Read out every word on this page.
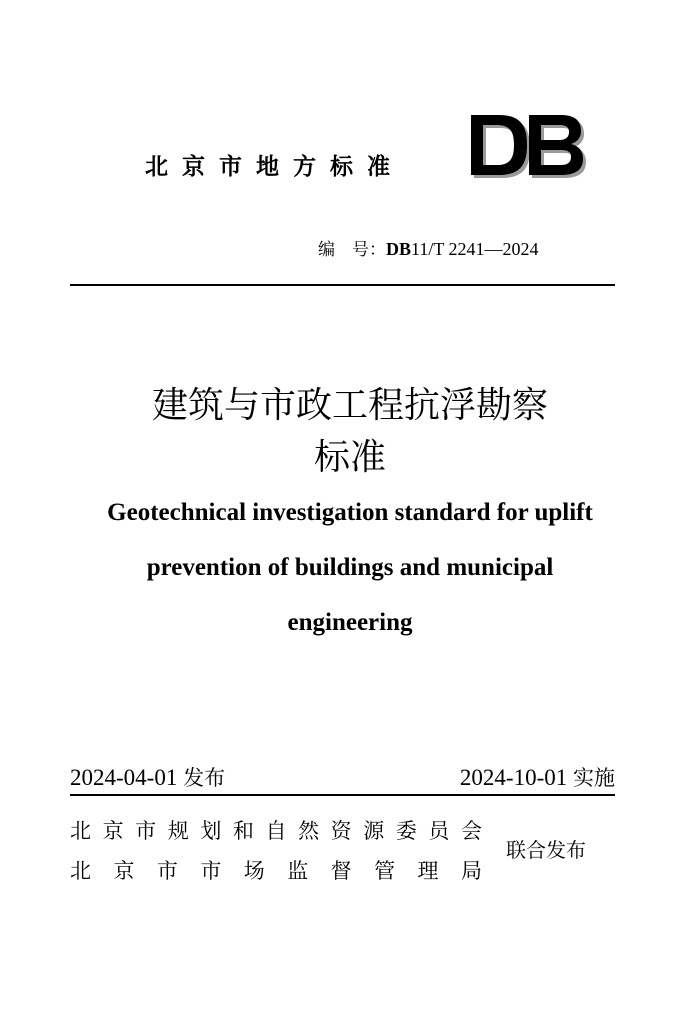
北京市地方标准
编　号：DB11/T 2241—2024
建筑与市政工程抗浮勘察
标准
Geotechnical investigation standard for uplift
prevention of buildings and municipal
engineering
2024-04-01 发布	2024-10-01 实施
北京市规划和自然资源委员会
北京市市场监督管理局
联合发布
